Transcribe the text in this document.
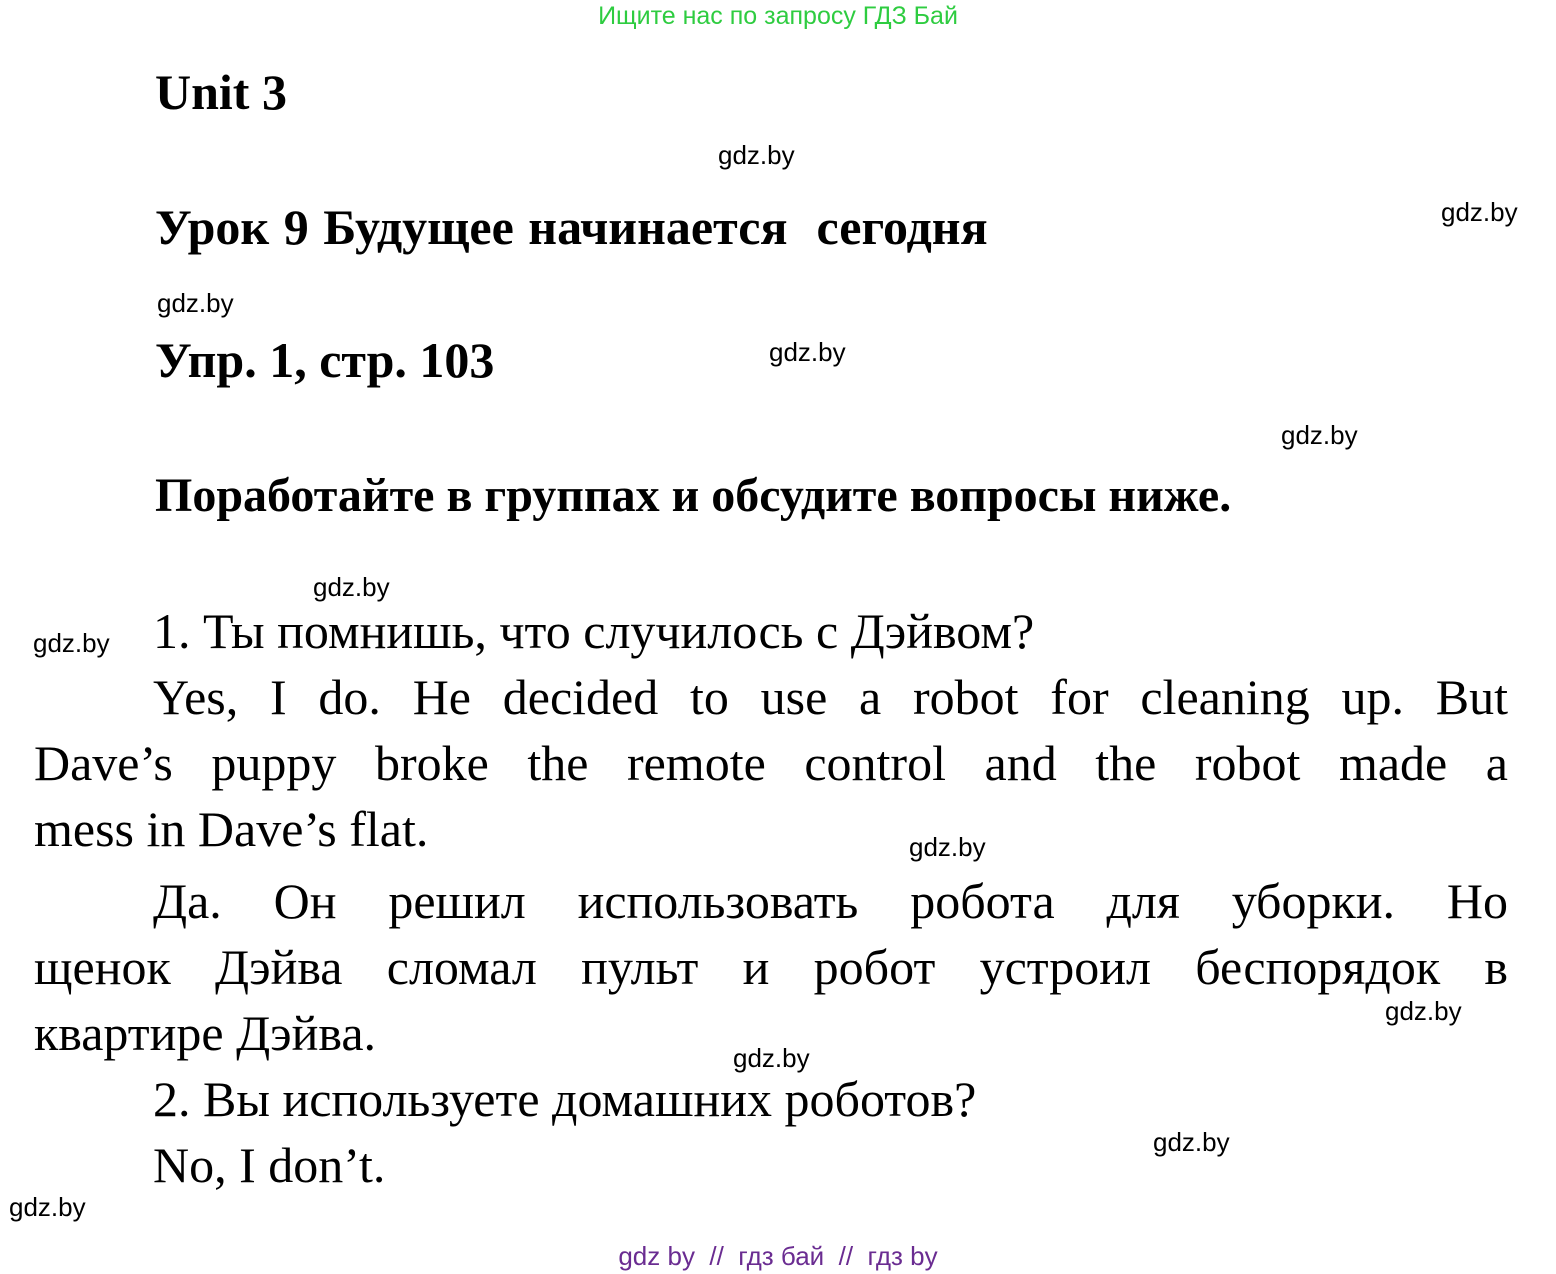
Ищите нас по запросу ГДЗ Бай
Unit 3
Урок 9 Будущее начинается  сегодня
Упр. 1, стр. 103
Поработайте в группах и обсудите вопросы ниже.
1. Ты помнишь, что случилось с Дэйвом?
Yes, I do. He decided to use a robot for cleaning up. But
Dave’s puppy broke the remote control and the robot made a
mess in Dave’s flat.
Да. Он решил использовать робота для уборки. Но
щенок Дэйва сломал пульт и робот устроил беспорядок в
квартире Дэйва.
2. Вы используете домашних роботов?
No, I don’t.
gdz.by
gdz.by
gdz.by
gdz.by
gdz.by
gdz.by
gdz.by
gdz.by
gdz.by
gdz.by
gdz.by
gdz.by
gdz by  //  гдз бай  //  гдз by
